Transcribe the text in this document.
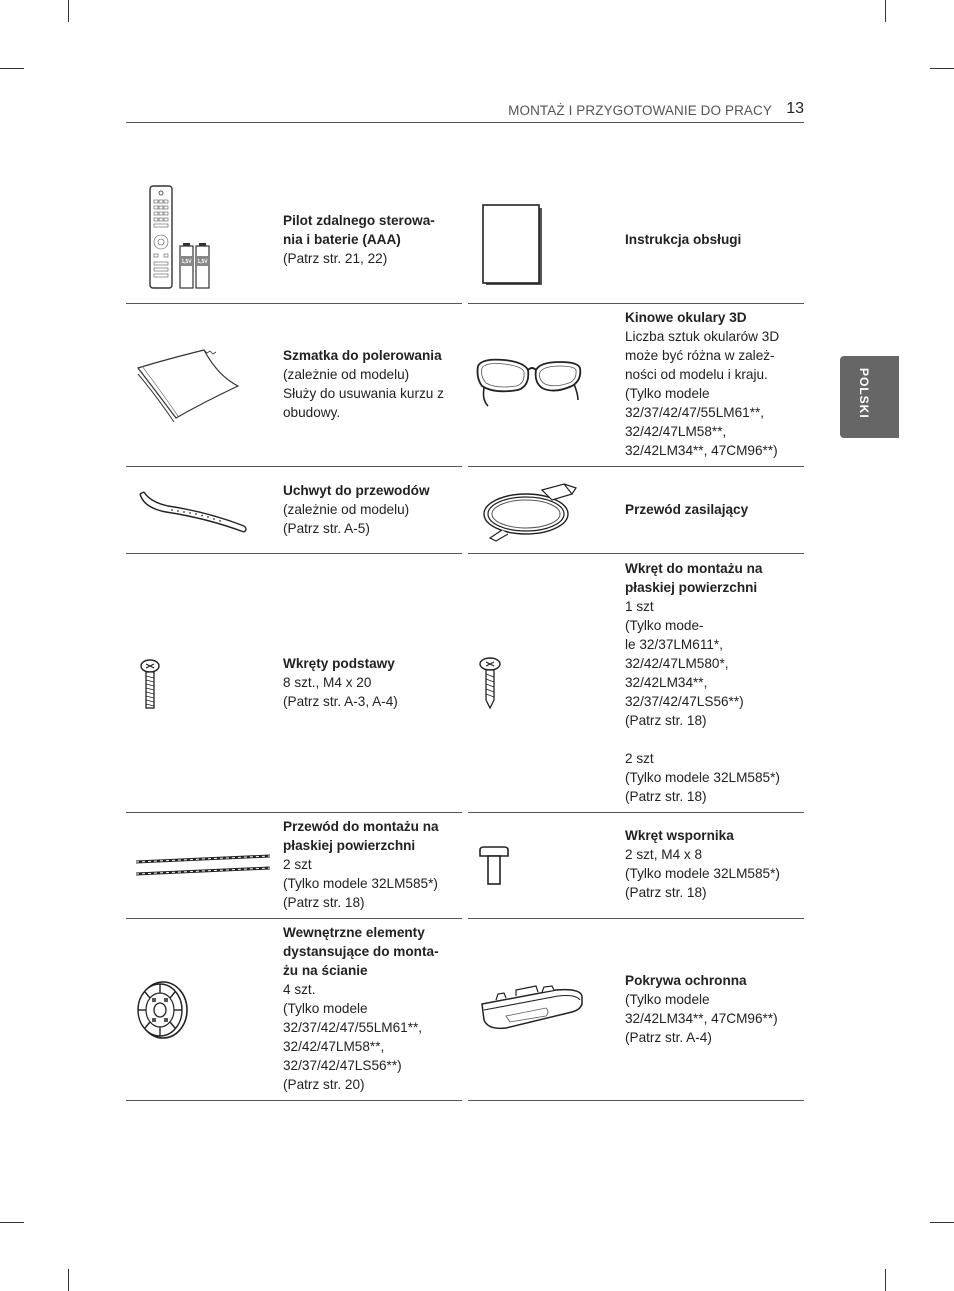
MONTAŻ I PRZYGOTOWANIE DO PRACY 13
POLSKI
1,5V 1,5V
Pilot zdalnego sterowa-
nia i baterie (AAA)
(Patrz str. 21, 22)
Instrukcja obsługi
Szmatka do polerowania
(zależnie od modelu)
Służy do usuwania kurzu z
obudowy.
Kinowe okulary 3D
Liczba sztuk okularów 3D
może być różna w zależ-
ności od modelu i kraju.
(Tylko modele
32/37/42/47/55LM61**,
32/42/47LM58**,
32/42LM34**, 47CM96**)
Uchwyt do przewodów
(zależnie od modelu)
(Patrz str. A-5)
Przewód zasilający
Wkręty podstawy
8 szt., M4 x 20
(Patrz str. A-3, A-4)
Wkręt do montażu na
płaskiej powierzchni
1 szt
(Tylko mode-
le 32/37LM611*,
32/42/47LM580*,
32/42LM34**,
32/37/42/47LS56**)
(Patrz str. 18)

2 szt
(Tylko modele 32LM585*)
(Patrz str. 18)
Przewód do montażu na
płaskiej powierzchni
2 szt
(Tylko modele 32LM585*)
(Patrz str. 18)
Wkręt wspornika
2 szt, M4 x 8
(Tylko modele 32LM585*)
(Patrz str. 18)
Wewnętrzne elementy
dystansujące do monta-
żu na ścianie
4 szt.
(Tylko modele
32/37/42/47/55LM61**,
32/42/47LM58**,
32/37/42/47LS56**)
(Patrz str. 20)
Pokrywa ochronna
(Tylko modele
32/42LM34**, 47CM96**)
(Patrz str. A-4)
